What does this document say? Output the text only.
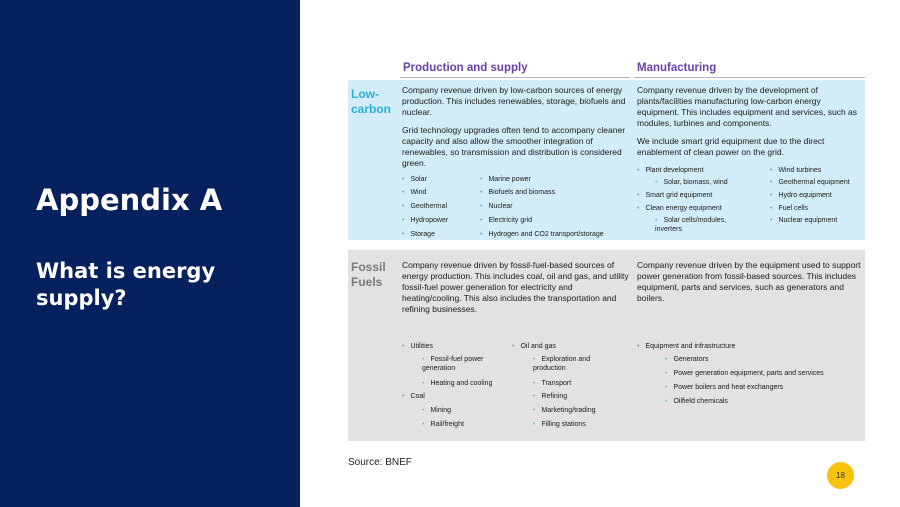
Appendix A
What is energy supply?
Production and supply	Manufacturing
Low-carbon

Company revenue driven by low-carbon sources of energy production. This includes renewables, storage, biofuels and nuclear.

Grid technology upgrades often tend to accompany cleaner capacity and also allow the smoother integration of renewables, so transmission and distribution is considered green.

• Solar
• Wind
• Geothermal
• Hydropower
• Storage
• Marine power
• Biofuels and biomass
• Nuclear
• Electricity grid
• Hydrogen and CO2 transport/storage

Company revenue driven by the development of plants/facilities manufacturing low-carbon energy equipment. This includes equipment and services, such as modules, turbines and components.

We include smart grid equipment due to the direct enablement of clean power on the grid.

• Plant development
• Solar, biomass, wind
• Smart grid equipment
• Clean energy equipment
• Solar cells/modules, inverters
• Wind turbines
• Geothermal equipment
• Hydro equipment
• Fuel cells
• Nuclear equipment
Fossil Fuels

Company revenue driven by fossil-fuel-based sources of energy production. This includes coal, oil and gas, and utility fossil-fuel power generation for electricity and heating/cooling. This also includes the transportation and refining businesses.

• Utilities
• Fossil-fuel power generation
• Heating and cooling
• Coal
• Mining
• Rail/freight
• Oil and gas
• Exploration and production
• Transport
• Refining
• Marketing/trading
• Filling stations

Company revenue driven by the equipment used to support power generation from fossil-based sources. This includes equipment, parts and services, such as generators and boilers.

• Equipment and infrastructure
• Generators
• Power generation equipment, parts and services
• Power boilers and heat exchangers
• Oilfield chemicals
Source: BNEF
18
